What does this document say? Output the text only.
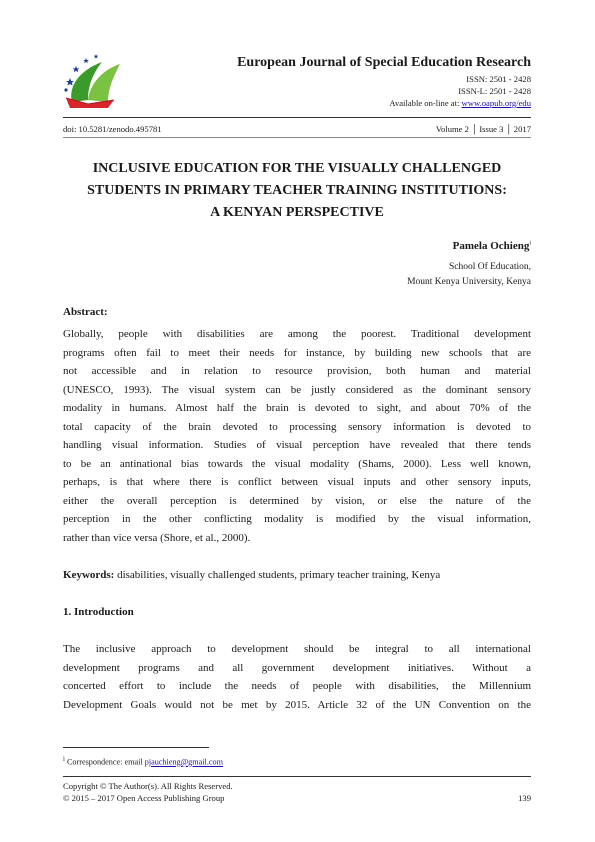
European Journal of Special Education Research
ISSN: 2501 - 2428
ISSN-L: 2501 - 2428
Available on-line at: www.oapub.org/edu
doi: 10.5281/zenodo.495781	Volume 2 │ Issue 3 │ 2017
INCLUSIVE EDUCATION FOR THE VISUALLY CHALLENGED
STUDENTS IN PRIMARY TEACHER TRAINING INSTITUTIONS:
A KENYAN PERSPECTIVE
Pamela Ochieng$^i$
School Of Education,
Mount Kenya University, Kenya
Abstract:
Globally, people with disabilities are among the poorest. Traditional development
programs often fail to meet their needs for instance, by building new schools that are
not accessible and in relation to resource provision, both human and material
(UNESCO, 1993). The visual system can be justly considered as the dominant sensory
modality in humans. Almost half the brain is devoted to sight, and about 70% of the
total capacity of the brain devoted to processing sensory information is devoted to
handling visual information. Studies of visual perception have revealed that there tends
to be an antinational bias towards the visual modality (Shams, 2000). Less well known,
perhaps, is that where there is conflict between visual inputs and other sensory inputs,
either the overall perception is determined by vision, or else the nature of the
perception in the other conflicting modality is modified by the visual information,
rather than vice versa (Shore, et al., 2000).
Keywords: disabilities, visually challenged students, primary teacher training, Kenya
1. Introduction
The inclusive approach to development should be integral to all international
development programs and all government development initiatives. Without a
concerted effort to include the needs of people with disabilities, the Millennium
Development Goals would not be met by 2015. Article 32 of the UN Convention on the
$^i$ Correspondence: email pjauchieng@gmail.com
Copyright © The Author(s). All Rights Reserved.
© 2015 – 2017 Open Access Publishing Group	139
